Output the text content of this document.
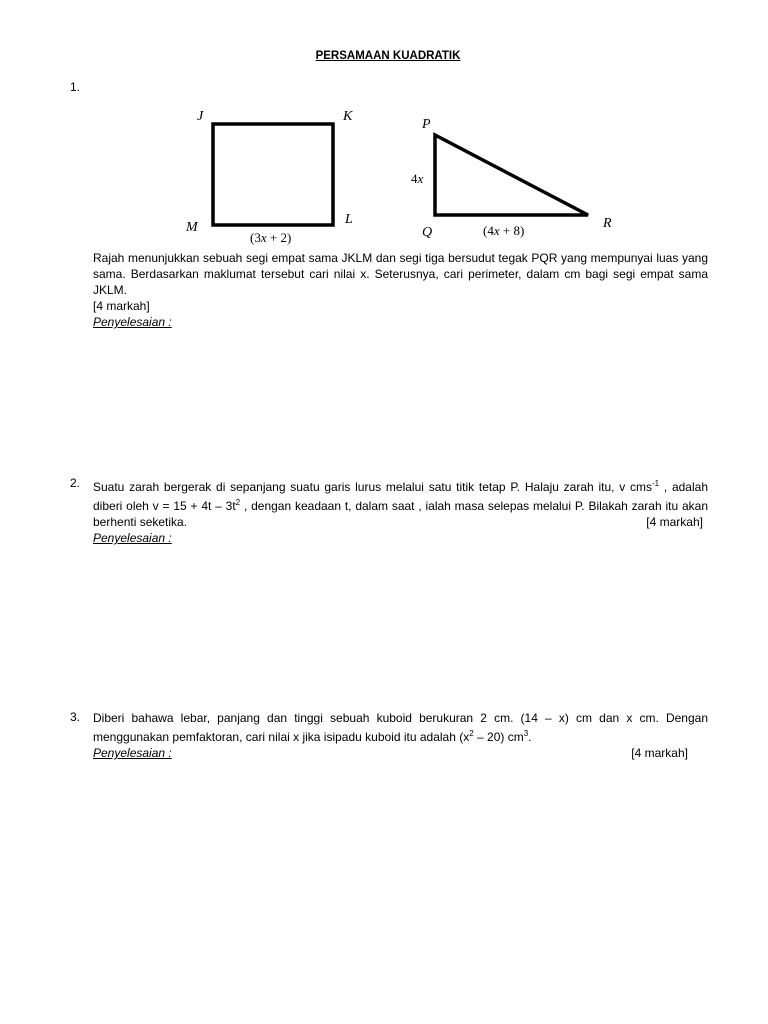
PERSAMAAN KUADRATIK
1.
J	K
M
L
(3x + 2)
P
Q
R
4x
(4x + 8)
Rajah menunjukkan sebuah segi empat sama JKLM dan segi tiga bersudut tegak PQR yang mempunyai luas yang sama. Berdasarkan maklumat tersebut cari nilai x. Seterusnya, cari perimeter, dalam cm bagi segi empat sama JKLM.
[4 markah]
Penyelesaian :
2. Suatu zarah bergerak di sepanjang suatu garis lurus melalui satu titik tetap P. Halaju zarah itu, v cms$^{-1}$ , adalah diberi oleh $v = 15 + 4t - 3t^2$ , dengan keadaan t, dalam saat , ialah masa selepas melalui P. Bilakah zarah itu akan berhenti seketika.	[4 markah]
Penyelesaian :
3. Diberi bahawa lebar, panjang dan tinggi sebuah kuboid berukuran 2 cm. (14 – x) cm dan x cm. Dengan menggunakan pemfaktoran, cari nilai x jika isipadu kuboid itu adalah $(x^2 - 20)$ $cm^3$.
Penyelesaian :	[4 markah]
